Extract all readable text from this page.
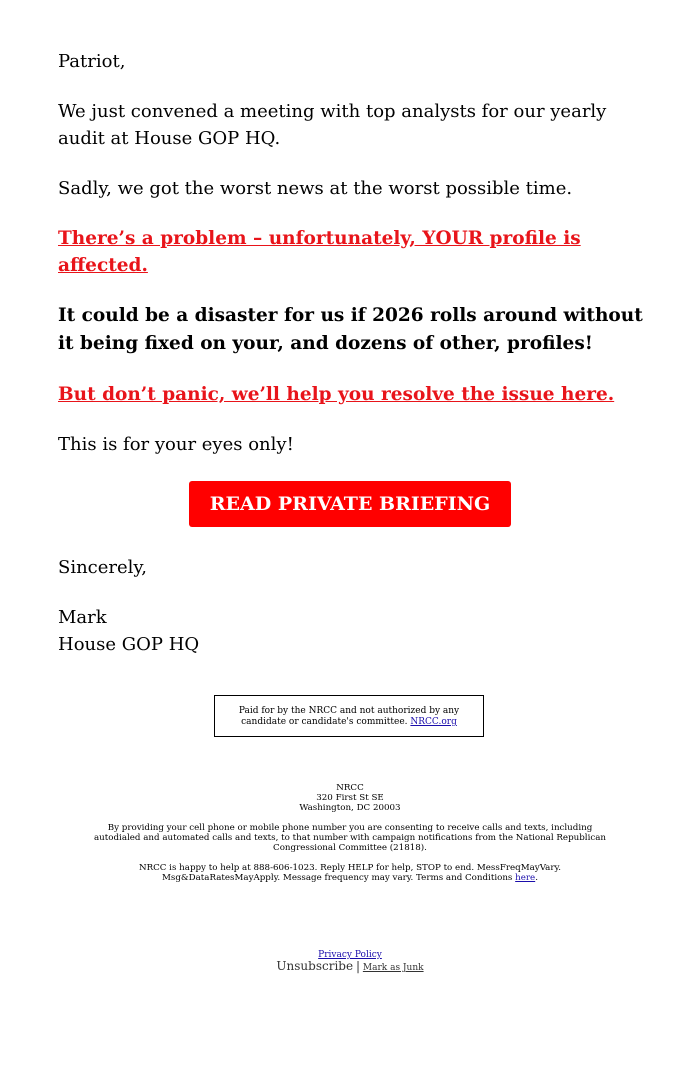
Patriot,

We just convened a meeting with top analysts for our yearly audit at House GOP HQ.

Sadly, we got the worst news at the worst possible time.

There’s a problem – unfortunately, YOUR profile is affected.

It could be a disaster for us if 2026 rolls around without it being fixed on your, and dozens of other, profiles!

But don’t panic, we’ll help you resolve the issue here.

This is for your eyes only!

READ PRIVATE BRIEFING

Sincerely,

Mark
House GOP HQ

Paid for by the NRCC and not authorized by any candidate or candidate's committee. NRCC.org
NRCC
320 First St SE
Washington, DC 20003
By providing your cell phone or mobile phone number you are consenting to receive calls and texts, including autodialed and automated calls and texts, to that number with campaign notifications from the National Republican Congressional Committee (21818).
NRCC is happy to help at 888-606-1023. Reply HELP for help, STOP to end. MessFreqMayVary. Msg&DataRatesMayApply. Message frequency may vary. Terms and Conditions here.
Privacy Policy
Unsubscribe | Mark as Junk
